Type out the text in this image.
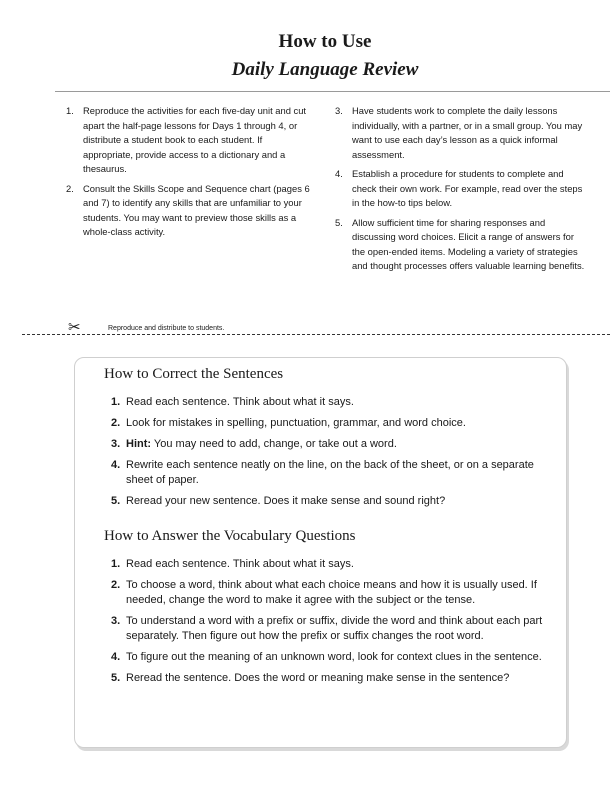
How to Use
Daily Language Review
1. Reproduce the activities for each five-day unit and cut apart the half-page lessons for Days 1 through 4, or distribute a student book to each student. If appropriate, provide access to a dictionary and a thesaurus.
2. Consult the Skills Scope and Sequence chart (pages 6 and 7) to identify any skills that are unfamiliar to your students. You may want to preview those skills as a whole-class activity.
3. Have students work to complete the daily lessons individually, with a partner, or in a small group. You may want to use each day’s lesson as a quick informal assessment.
4. Establish a procedure for students to complete and check their own work. For example, read over the steps in the how-to tips below.
5. Allow sufficient time for sharing responses and discussing word choices. Elicit a range of answers for the open-ended items. Modeling a variety of strategies and thought processes offers valuable learning benefits.
✂	Reproduce and distribute to students.
How to Correct the Sentences
1. Read each sentence. Think about what it says.
2. Look for mistakes in spelling, punctuation, grammar, and word choice.
3. Hint: You may need to add, change, or take out a word.
4. Rewrite each sentence neatly on the line, on the back of the sheet, or on a separate sheet of paper.
5. Reread your new sentence. Does it make sense and sound right?
How to Answer the Vocabulary Questions
1. Read each sentence. Think about what it says.
2. To choose a word, think about what each choice means and how it is usually used. If needed, change the word to make it agree with the subject or the tense.
3. To understand a word with a prefix or suffix, divide the word and think about each part separately. Then figure out how the prefix or suffix changes the root word.
4. To figure out the meaning of an unknown word, look for context clues in the sentence.
5. Reread the sentence. Does the word or meaning make sense in the sentence?
